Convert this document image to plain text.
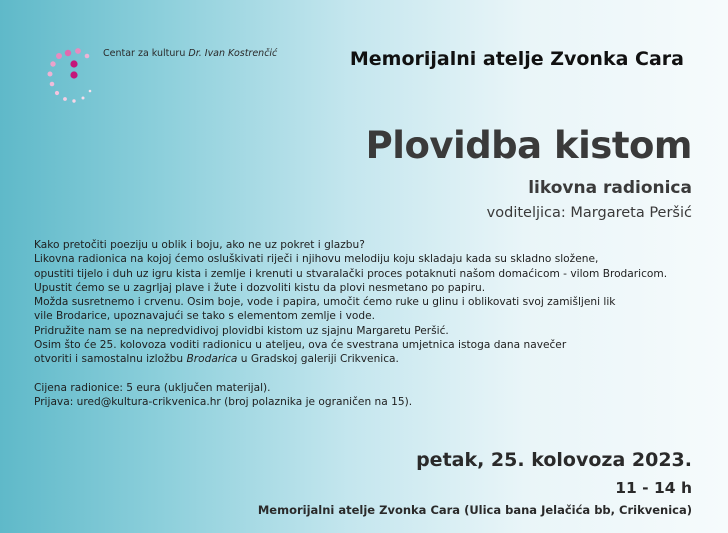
Centar za kulturu Dr. Ivan Kostrenčić	Memorijalni atelje Zvonka Cara
Plovidba kistom
likovna radionica
voditeljica: Margareta Peršić
Kako pretočiti poeziju u oblik i boju, ako ne uz pokret i glazbu?
Likovna radionica na kojoj ćemo osluškivati riječi i njihovu melodiju koju skladaju kada su skladno složene,
opustiti tijelo i duh uz igru kista i zemlje i krenuti u stvaralački proces potaknuti našom domaćicom - vilom Brodaricom.
Upustit ćemo se u zagrljaj plave i žute i dozvoliti kistu da plovi nesmetano po papiru.
Možda susretnemo i crvenu. Osim boje, vode i papira, umočit ćemo ruke u glinu i oblikovati svoj zamišljeni lik
vile Brodarice, upoznavajući se tako s elementom zemlje i vode.
Pridružite nam se na nepredvidivoj plovidbi kistom uz sjajnu Margaretu Peršić.
Osim što će 25. kolovoza voditi radionicu u ateljeu, ova će svestrana umjetnica istoga dana navečer
otvoriti i samostalnu izložbu Brodarica u Gradskoj galeriji Crikvenica.
Cijena radionice: 5 eura (uključen materijal).
Prijava: ured@kultura-crikvenica.hr (broj polaznika je ograničen na 15).
petak, 25. kolovoza 2023.
11 - 14 h
Memorijalni atelje Zvonka Cara (Ulica bana Jelačića bb, Crikvenica)
